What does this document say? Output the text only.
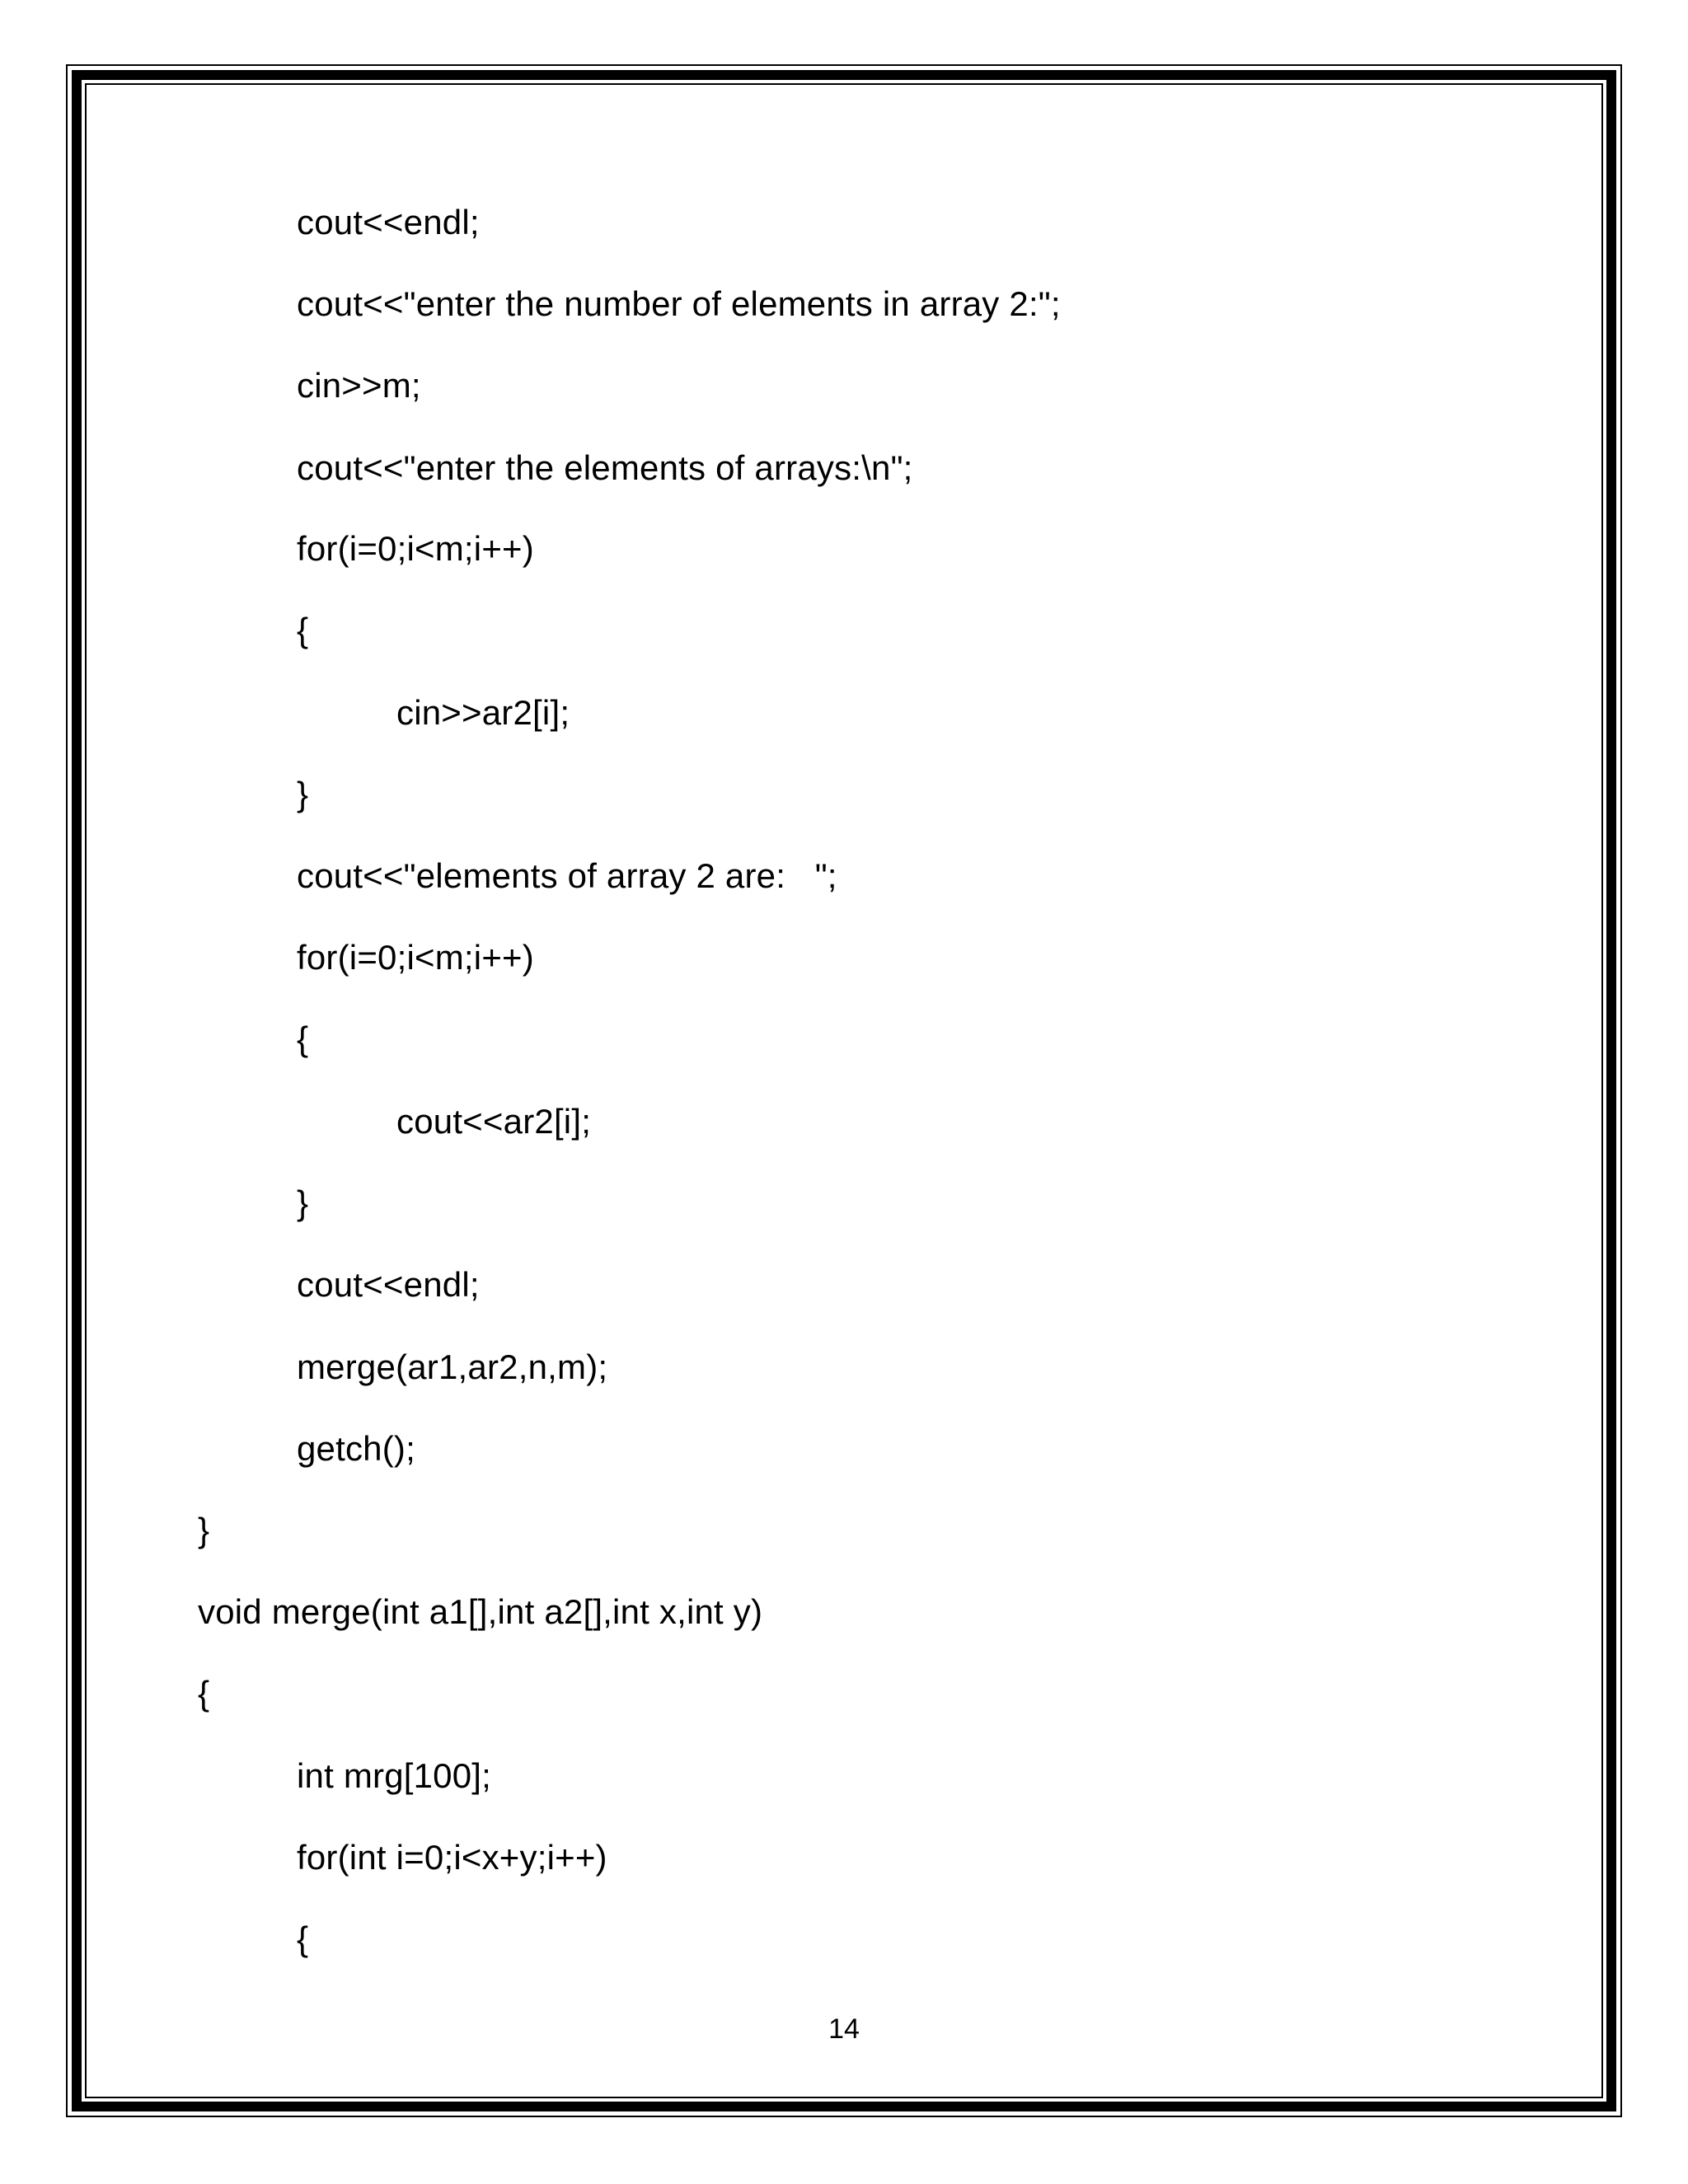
cout<<endl;
cout<<"enter the number of elements in array 2:";
cin>>m;
cout<<"enter the elements of arrays:\n";
for(i=0;i<m;i++)
{
cin>>ar2[i];
}
cout<<"elements of array 2 are:   ";
for(i=0;i<m;i++)
{
cout<<ar2[i];
}
cout<<endl;
merge(ar1,ar2,n,m);
getch();
}
void merge(int a1[],int a2[],int x,int y)
{
int mrg[100];
for(int i=0;i<x+y;i++)
{
14
